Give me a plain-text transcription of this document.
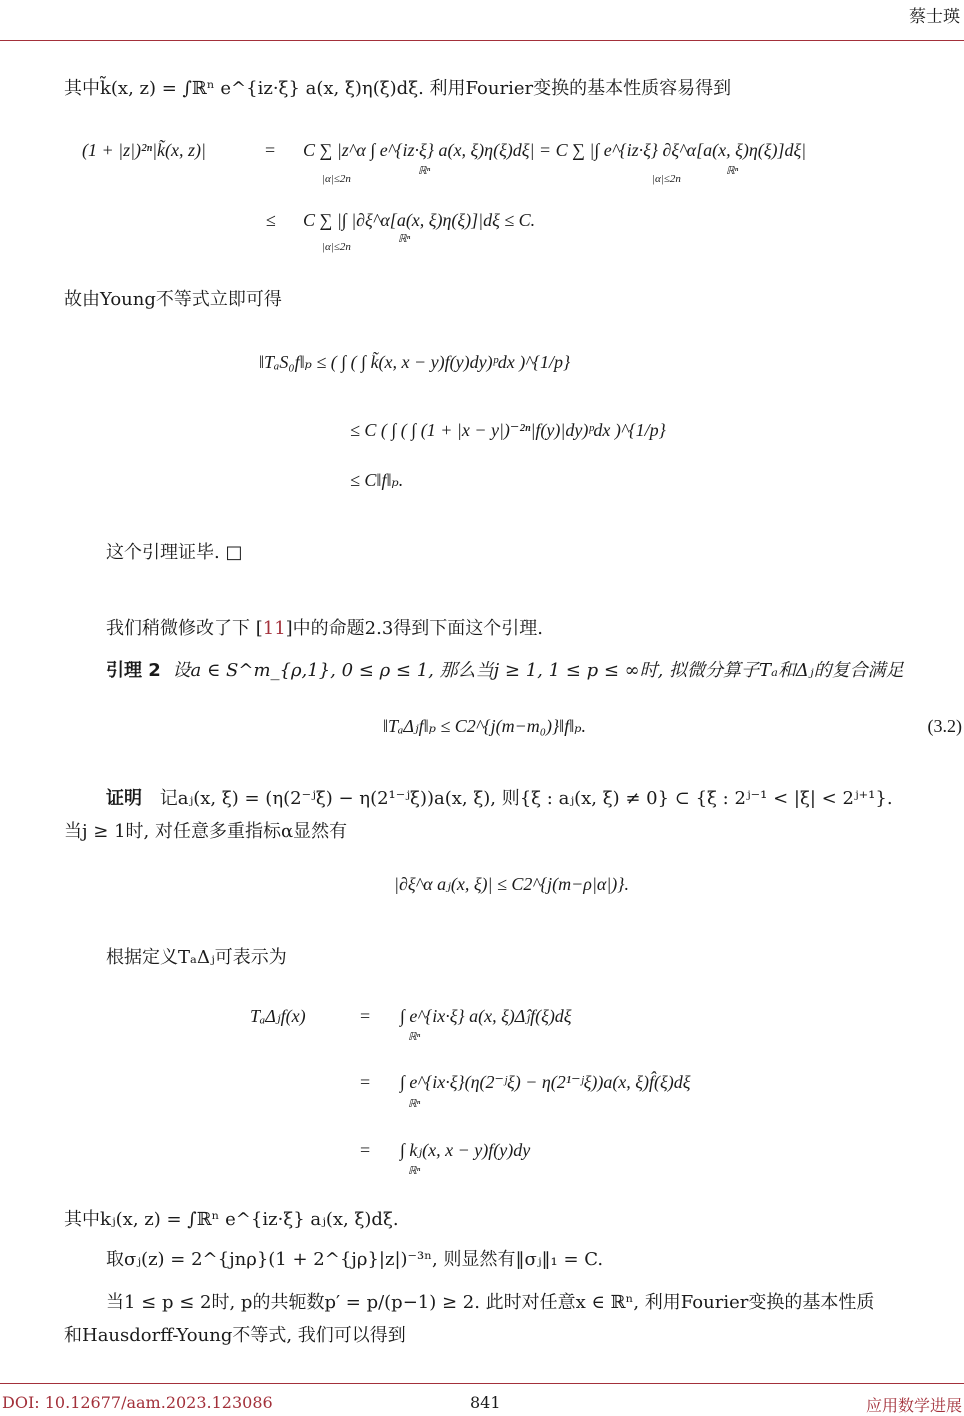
蔡士瑛
其中k̃(x, z) = ∫ℝⁿ e^{iz·ξ} a(x, ξ)η(ξ)dξ. 利用Fourier变换的基本性质容易得到
(1 + |z|)²ⁿ|k̃(x, z)|	= C ∑ |z^α ∫ e^{iz·ξ} a(x, ξ)η(ξ)dξ| = C ∑ |∫ e^{iz·ξ} ∂ξ^α[a(x, ξ)η(ξ)]dξ|
|α|≤2n
ℝⁿ
|α|≤2n
ℝⁿ
≤ C ∑ |∫ |∂ξ^α[a(x, ξ)η(ξ)]|dξ ≤ C.
|α|≤2n
ℝⁿ
故由Young不等式立即可得
‖TₐS₀f‖ₚ ≤ ( ∫ ( ∫ k̃(x, x − y)f(y)dy)ᵖdx )^{1/p}
≤ C ( ∫ ( ∫ (1 + |x − y|)⁻²ⁿ|f(y)|dy)ᵖdx )^{1/p}
≤ C‖f‖ₚ.
这个引理证毕. □
我们稍微修改了下 [11]中的命题2.3得到下面这个引理.
引理 2 设a ∈ S^m_{ρ,1}, 0 ≤ ρ ≤ 1, 那么当j ≥ 1, 1 ≤ p ≤ ∞时, 拟微分算子Tₐ和Δⱼ的复合满足
‖TₐΔⱼf‖ₚ ≤ C2^{j(m−m₀)}‖f‖ₚ.	(3.2)
证明 记aⱼ(x, ξ) = (η(2⁻ʲξ) − η(2¹⁻ʲξ))a(x, ξ), 则{ξ : aⱼ(x, ξ) ≠ 0} ⊂ {ξ : 2ʲ⁻¹ < |ξ| < 2ʲ⁺¹}.
当j ≥ 1时, 对任意多重指标α显然有
|∂ξ^α aⱼ(x, ξ)| ≤ C2^{j(m−ρ|α|)}.
根据定义TₐΔⱼ可表示为
TₐΔⱼf(x)	= ∫ e^{ix·ξ} a(x, ξ)Δ̂ⱼf(ξ)dξ
ℝⁿ
= ∫ e^{ix·ξ}(η(2⁻ʲξ) − η(2¹⁻ʲξ))a(x, ξ)f̂(ξ)dξ
ℝⁿ
= ∫ kⱼ(x, x − y)f(y)dy
ℝⁿ
其中kⱼ(x, z) = ∫ℝⁿ e^{iz·ξ} aⱼ(x, ξ)dξ.
取σⱼ(z) = 2^{jnρ}(1 + 2^{jρ}|z|)⁻³ⁿ, 则显然有‖σⱼ‖₁ = C.
当1 ≤ p ≤ 2时, p的共轭数p′ = p/(p−1) ≥ 2. 此时对任意x ∈ ℝⁿ, 利用Fourier变换的基本性质
和Hausdorff-Young不等式, 我们可以得到
DOI: 10.12677/aam.2023.123086	841	应用数学进展
